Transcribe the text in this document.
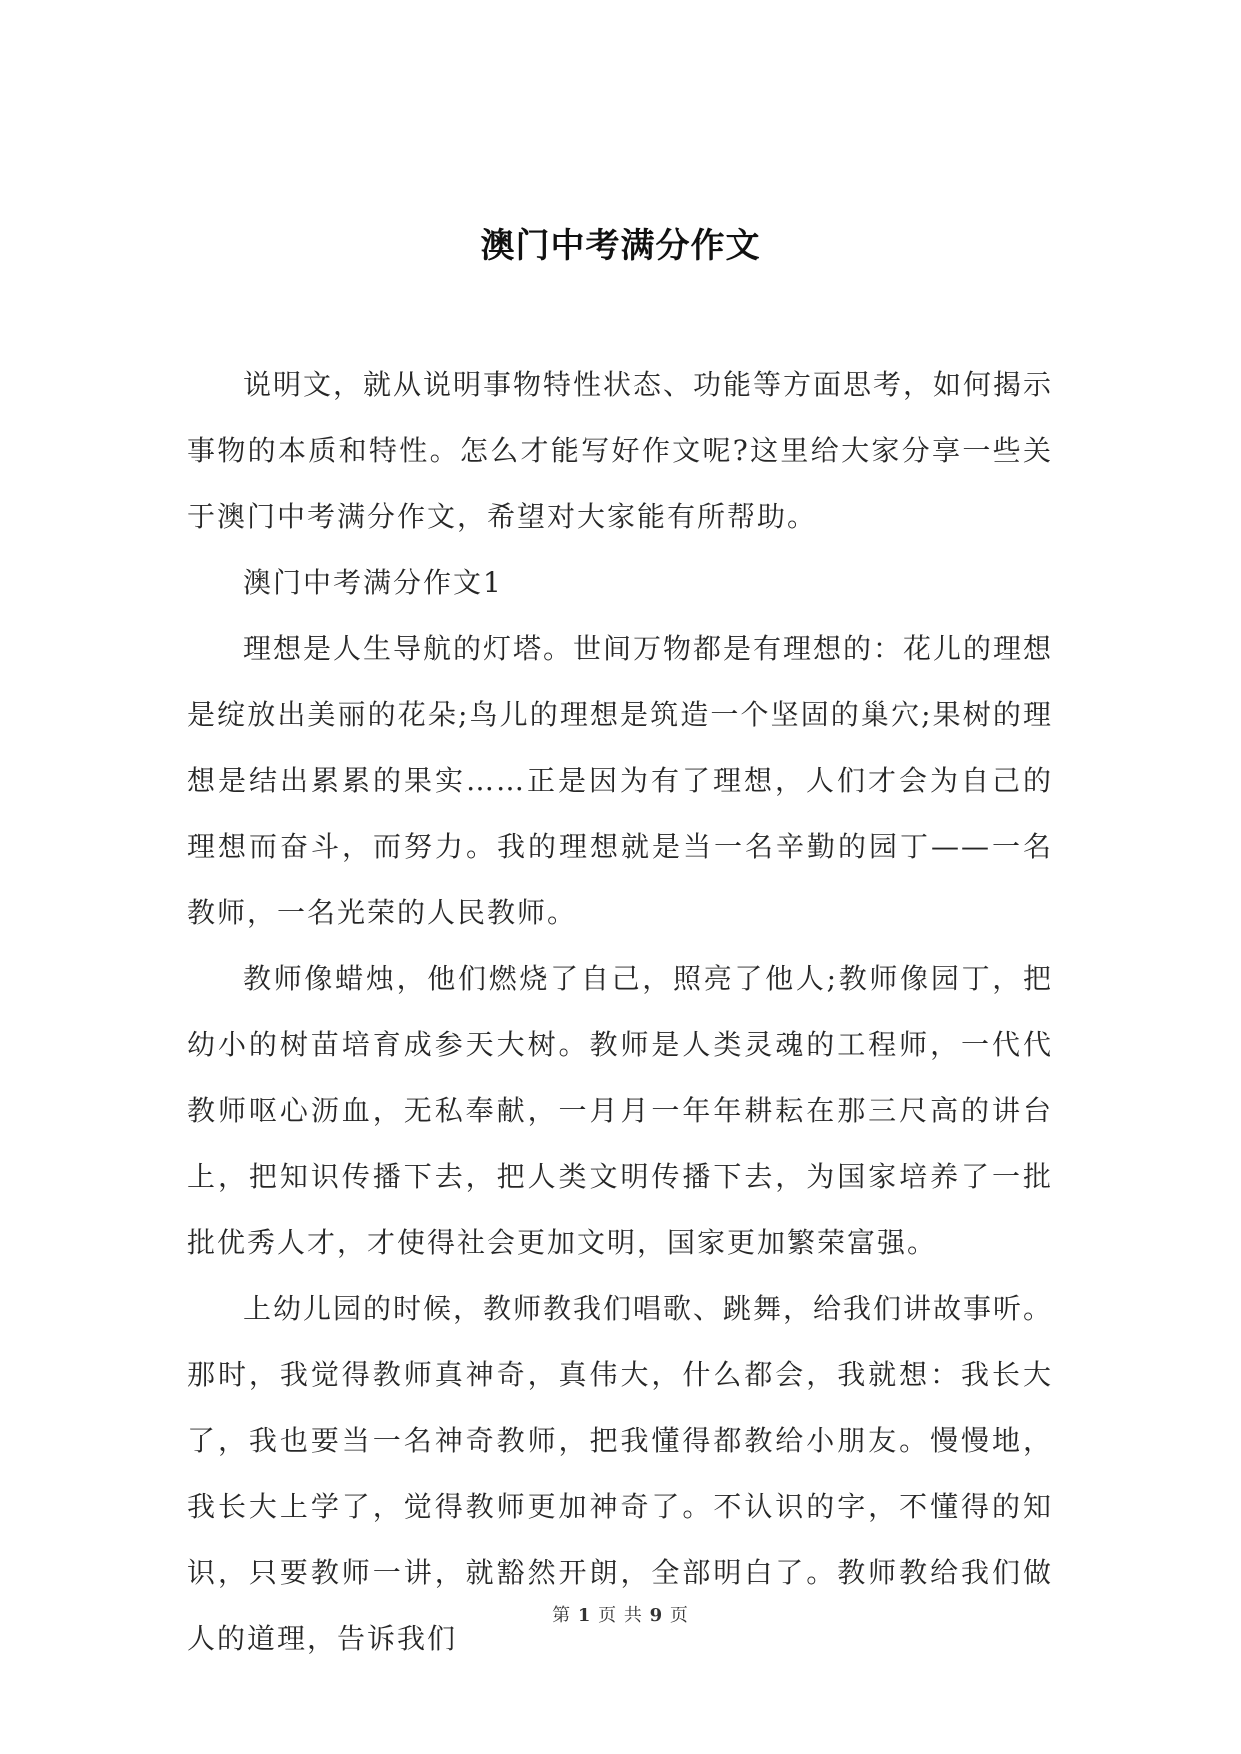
澳门中考满分作文

说明文，就从说明事物特性状态、功能等方面思考，如何揭示事物的本质和特性。怎么才能写好作文呢?这里给大家分享一些关于澳门中考满分作文，希望对大家能有所帮助。

澳门中考满分作文1

理想是人生导航的灯塔。世间万物都是有理想的：花儿的理想是绽放出美丽的花朵;鸟儿的理想是筑造一个坚固的巢穴;果树的理想是结出累累的果实……正是因为有了理想，人们才会为自己的理想而奋斗，而努力。我的理想就是当一名辛勤的园丁——一名教师，一名光荣的人民教师。

教师像蜡烛，他们燃烧了自己，照亮了他人;教师像园丁，把幼小的树苗培育成参天大树。教师是人类灵魂的工程师，一代代教师呕心沥血，无私奉献，一月月一年年耕耘在那三尺高的讲台上，把知识传播下去，把人类文明传播下去，为国家培养了一批批优秀人才，才使得社会更加文明，国家更加繁荣富强。

上幼儿园的时候，教师教我们唱歌、跳舞，给我们讲故事听。那时，我觉得教师真神奇，真伟大，什么都会，我就想：我长大了，我也要当一名神奇教师，把我懂得都教给小朋友。慢慢地，我长大上学了，觉得教师更加神奇了。不认识的字，不懂得的知识，只要教师一讲，就豁然开朗，全部明白了。教师教给我们做人的道理，告诉我们

第 1 页 共 9 页
